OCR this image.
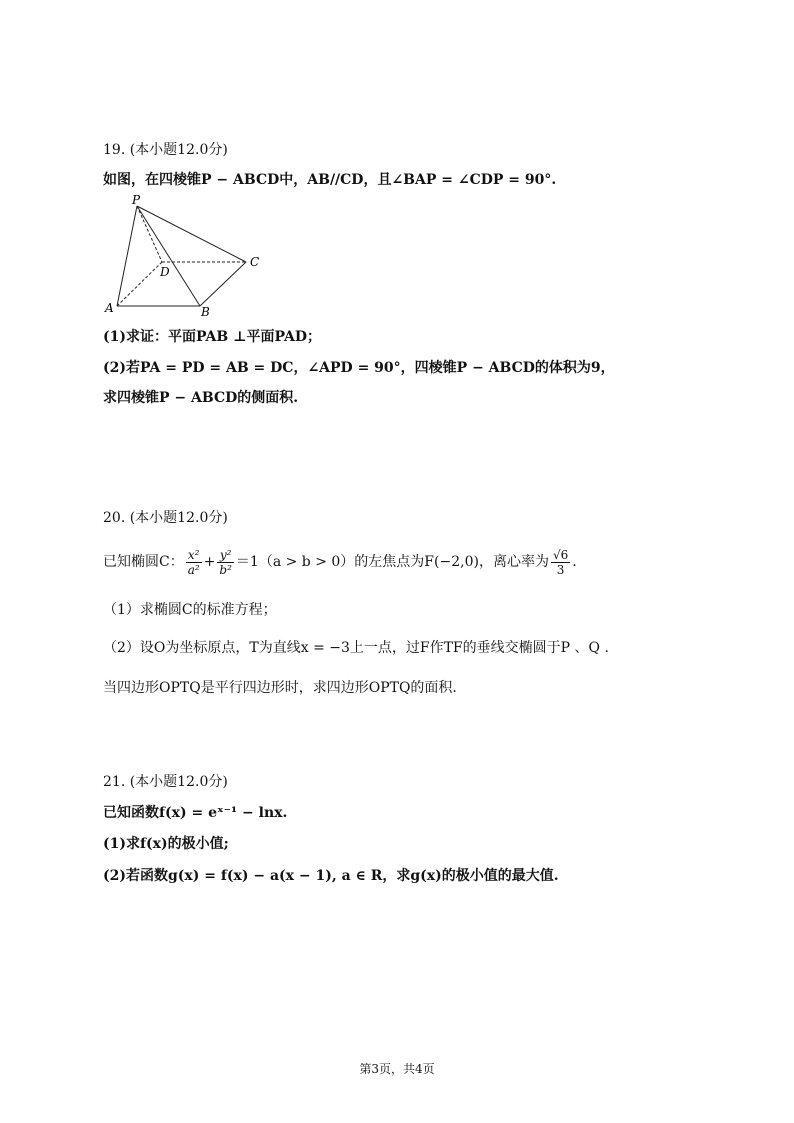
19. (本小题12.0分)
如图，在四棱锥P − ABCD中，AB//CD，且∠BAP = ∠CDP = 90°.
P
D
C
A	B
(1)求证：平面PAB ⊥平面PAD；
(2)若PA = PD = AB = DC，∠APD = 90°，四棱锥P − ABCD的体积为9，
求四棱锥P − ABCD的侧面积.
20. (本小题12.0分)
已知椭圆C： $\frac{\text{x²}}{\text{a²}} + \frac{\text{y²}}{\text{b²}} =1(a > b > 0)$的左焦点为F(−2,0)，离心率为 $\frac{√6}{3}$ .
（1）求椭圆C的标准方程；
（2）设O为坐标原点，T为直线x = −3上一点，过F作TF的垂线交椭圆于P 、Q .
当四边形OPTQ是平行四边形时，求四边形OPTQ的面积.
21. (本小题12.0分)
已知函数f(x) = eˣ⁻¹ − lnx.
(1)求f(x)的极小值;
(2)若函数g(x) = f(x) − a(x − 1), a ∈ R，求g(x)的极小值的最大值.
第3页，共4页
